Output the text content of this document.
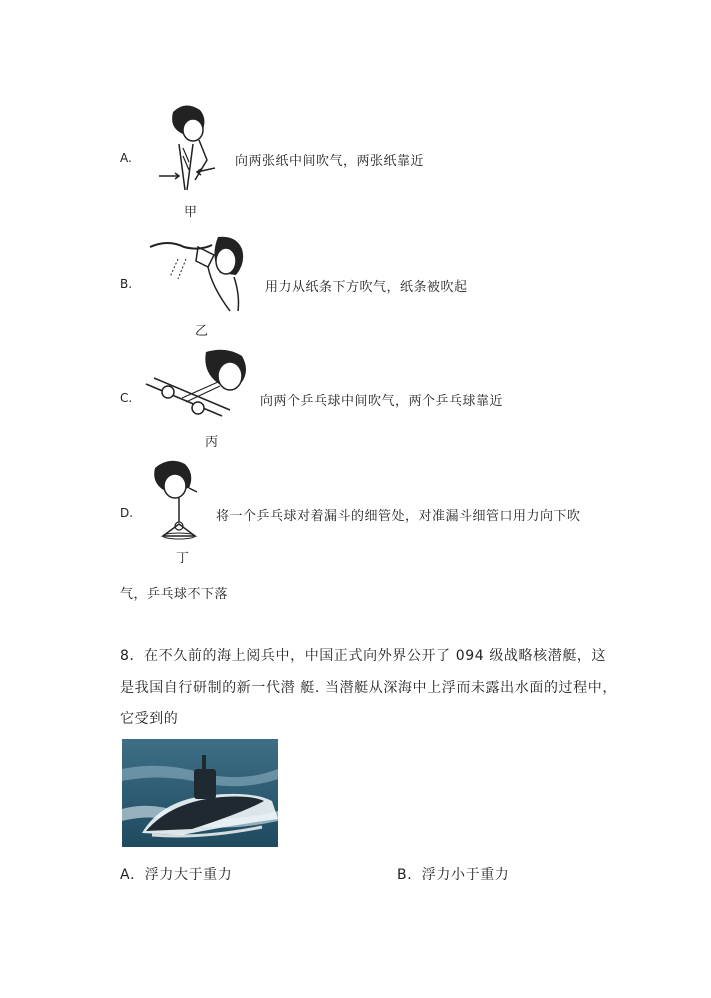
A.	向两张纸中间吹气，两张纸靠近
甲
B.	用力从纸条下方吹气，纸条被吹起
乙
C.	向两个乒乓球中间吹气，两个乒乓球靠近
丙
D.	将一个乒乓球对着漏斗的细管处，对准漏斗细管口用力向下吹
丁
气，乒乓球不下落
8．在不久前的海上阅兵中，中国正式向外界公开了 094 级战略核潜艇，这
是我国自行研制的新一代潜 艇. 当潜艇从深海中上浮而未露出水面的过程中，
它受到的
A．浮力大于重力	B．浮力小于重力
